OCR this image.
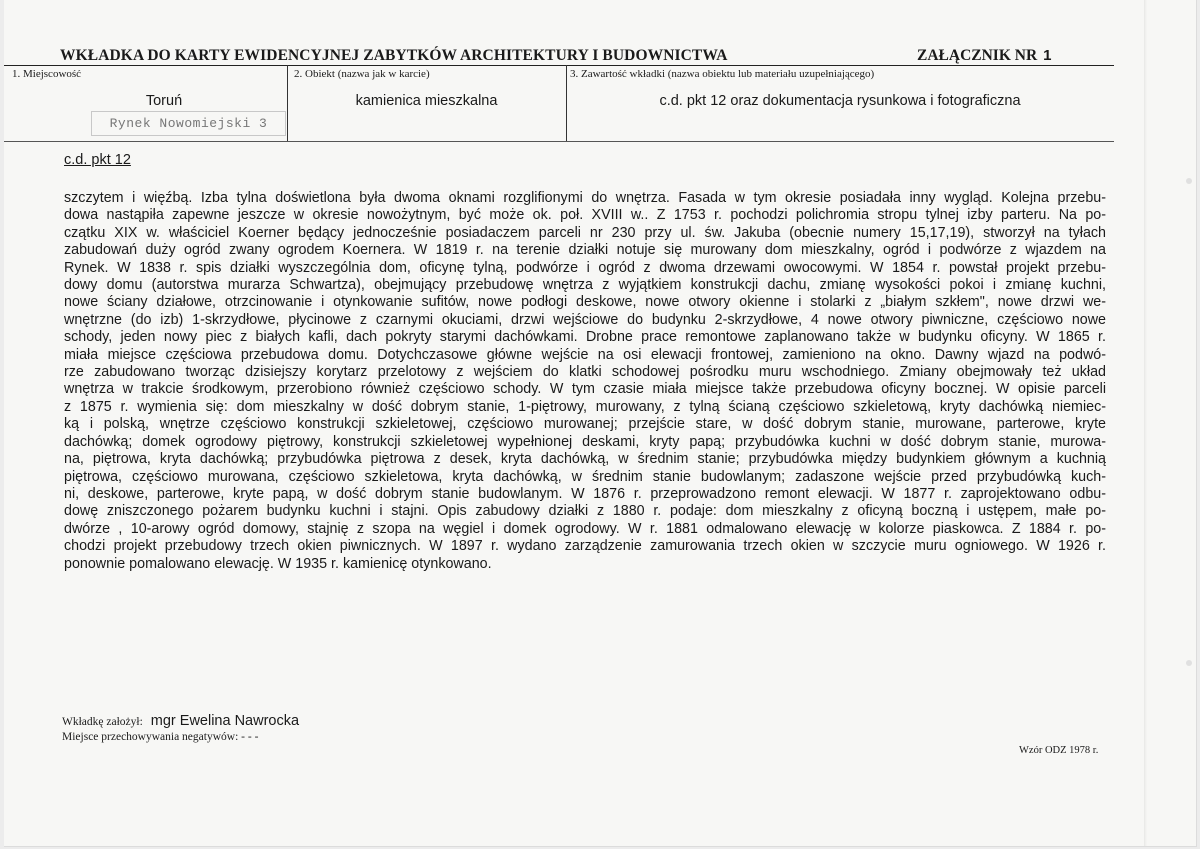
WKŁADKA DO KARTY EWIDENCYJNEJ ZABYTKÓW ARCHITEKTURY I BUDOWNICTWA	ZAŁĄCZNIK NR 1
1. Miejscowość	2. Obiekt (nazwa jak w karcie)	3. Zawartość wkładki (nazwa obiektu lub materiału uzupełniającego)
Toruń	kamienica mieszkalna	c.d. pkt 12 oraz dokumentacja rysunkowa i fotograficzna
Rynek Nowomiejski 3
c.d. pkt 12

szczytem i więźbą. Izba tylna doświetlona była dwoma oknami rozglifionymi do wnętrza. Fasada w tym okresie posiadała inny wygląd. Kolejna przebu-

dowa nastąpiła zapewne jeszcze w okresie nowożytnym, być może ok. poł. XVIII w.. Z 1753 r. pochodzi polichromia stropu tylnej izby parteru. Na po-

czątku XIX w. właściciel Koerner będący jednocześnie posiadaczem parceli nr 230 przy ul. św. Jakuba (obecnie numery 15,17,19), stworzył na tyłach

zabudowań duży ogród zwany ogrodem Koernera. W 1819 r. na terenie działki notuje się murowany dom mieszkalny, ogród i podwórze z wjazdem na

Rynek. W 1838 r. spis działki wyszczególnia dom, oficynę tylną, podwórze i ogród z dwoma drzewami owocowymi. W 1854 r. powstał projekt przebu-

dowy domu (autorstwa murarza Schwartza), obejmujący przebudowę wnętrza z wyjątkiem konstrukcji dachu, zmianę wysokości pokoi i zmianę kuchni,

nowe ściany działowe, otrzcinowanie i otynkowanie sufitów, nowe podłogi deskowe, nowe otwory okienne i stolarki z „białym szkłem", nowe drzwi we-

wnętrzne (do izb) 1-skrzydłowe, płycinowe z czarnymi okuciami, drzwi wejściowe do budynku 2-skrzydłowe, 4 nowe otwory piwniczne, częściowo nowe

schody, jeden nowy piec z białych kafli, dach pokryty starymi dachówkami. Drobne prace remontowe zaplanowano także w budynku oficyny. W 1865 r.

miała miejsce częściowa przebudowa domu. Dotychczasowe główne wejście na osi elewacji frontowej, zamieniono na okno. Dawny wjazd na podwó-

rze zabudowano tworząc dzisiejszy korytarz przelotowy z wejściem do klatki schodowej pośrodku muru wschodniego. Zmiany obejmowały też układ

wnętrza w trakcie środkowym, przerobiono również częściowo schody. W tym czasie miała miejsce także przebudowa oficyny bocznej. W opisie parceli

z 1875 r. wymienia się: dom mieszkalny w dość dobrym stanie, 1-piętrowy, murowany, z tylną ścianą częściowo szkieletową, kryty dachówką niemiec-

ką i polską, wnętrze częściowo konstrukcji szkieletowej, częściowo murowanej; przejście stare, w dość dobrym stanie, murowane, parterowe, kryte

dachówką; domek ogrodowy piętrowy, konstrukcji szkieletowej wypełnionej deskami, kryty papą; przybudówka kuchni w dość dobrym stanie, murowa-

na, piętrowa, kryta dachówką; przybudówka piętrowa z desek, kryta dachówką, w średnim stanie; przybudówka między budynkiem głównym a kuchnią

piętrowa, częściowo murowana, częściowo szkieletowa, kryta dachówką, w średnim stanie budowlanym; zadaszone wejście przed przybudówką kuch-

ni, deskowe, parterowe, kryte papą, w dość dobrym stanie budowlanym. W 1876 r. przeprowadzono remont elewacji. W 1877 r. zaprojektowano odbu-

dowę zniszczonego pożarem budynku kuchni i stajni. Opis zabudowy działki z 1880 r. podaje: dom mieszkalny z oficyną boczną i ustępem, małe po-

dwórze , 10-arowy ogród domowy, stajnię z szopa na węgiel i domek ogrodowy. W r. 1881 odmalowano elewację w kolorze piaskowca. Z 1884 r. po-

chodzi projekt przebudowy trzech okien piwnicznych. W 1897 r. wydano zarządzenie zamurowania trzech okien w szczycie muru ogniowego. W 1926 r.

ponownie pomalowano elewację. W 1935 r. kamienicę otynkowano.

Wkładkę założył: mgr Ewelina Nawrocka
Miejsce przechowywania negatywów: - - -
Wzór ODZ 1978 r.
